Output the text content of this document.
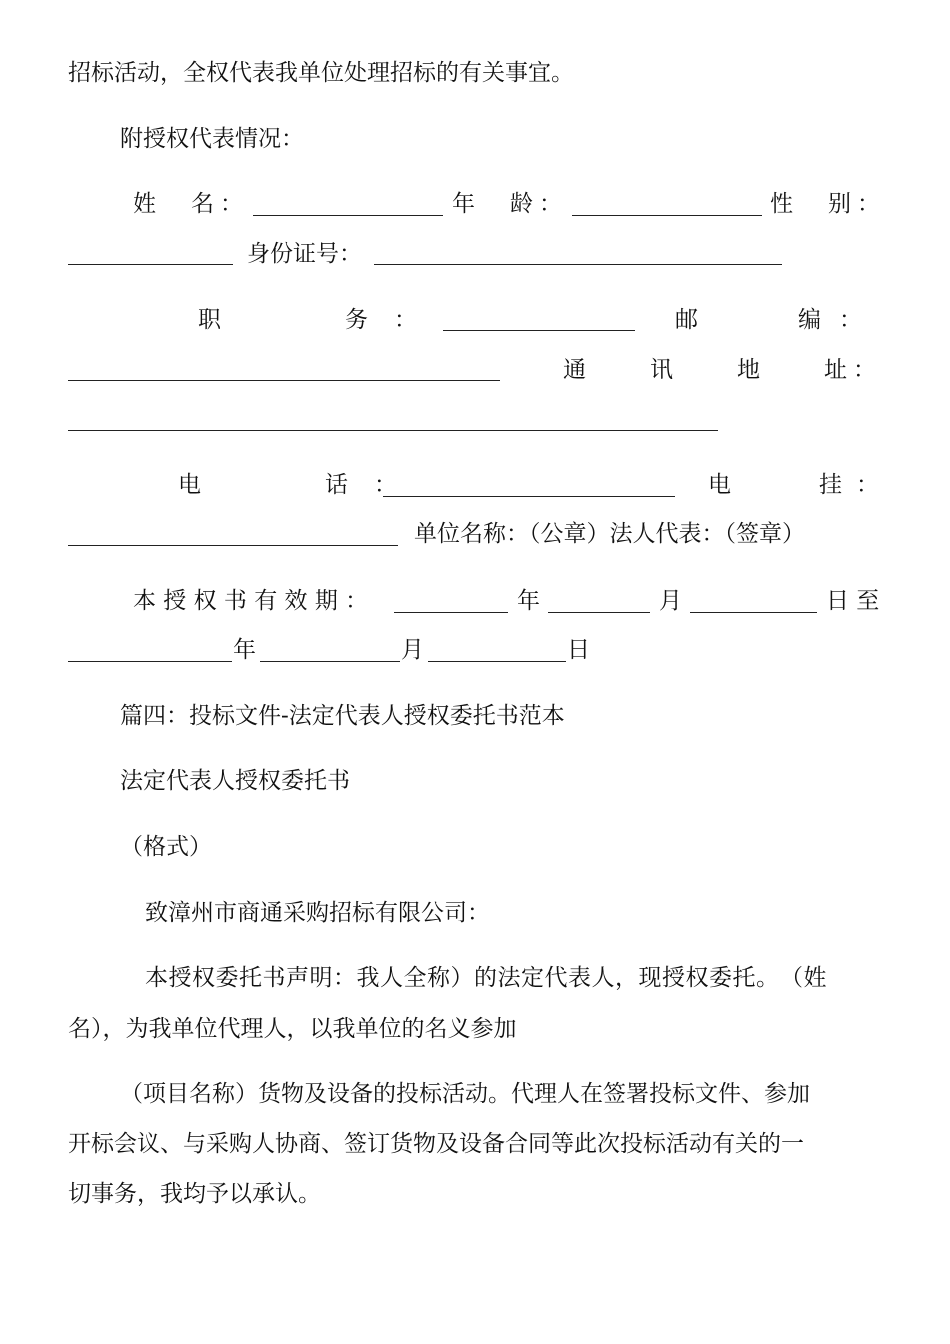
招标活动，全权代表我单位处理招标的有关事宜。
附授权代表情况：
姓　名：	年　龄：	性　别：
身份证号：
职　　务：	邮　　编：
通　　讯　　地　　址：
电　　话：	电　　挂：
单位名称：（公章）法人代表：（签章）
本 授 权 书 有 效 期 ：	年	月	日 至
年	月	日
篇四：投标文件-法定代表人授权委托书范本
法定代表人授权委托书
（格式）
致漳州市商通采购招标有限公司：
本授权委托书声明：我人全称）的法定代表人，现授权委托。　（姓
名），为我单位代理人，以我单位的名义参加
（项目名称）货物及设备的投标活动。代理人在签署投标文件、参加
开标会议、与采购人协商、签订货物及设备合同等此次投标活动有关的一
切事务，我均予以承认。
